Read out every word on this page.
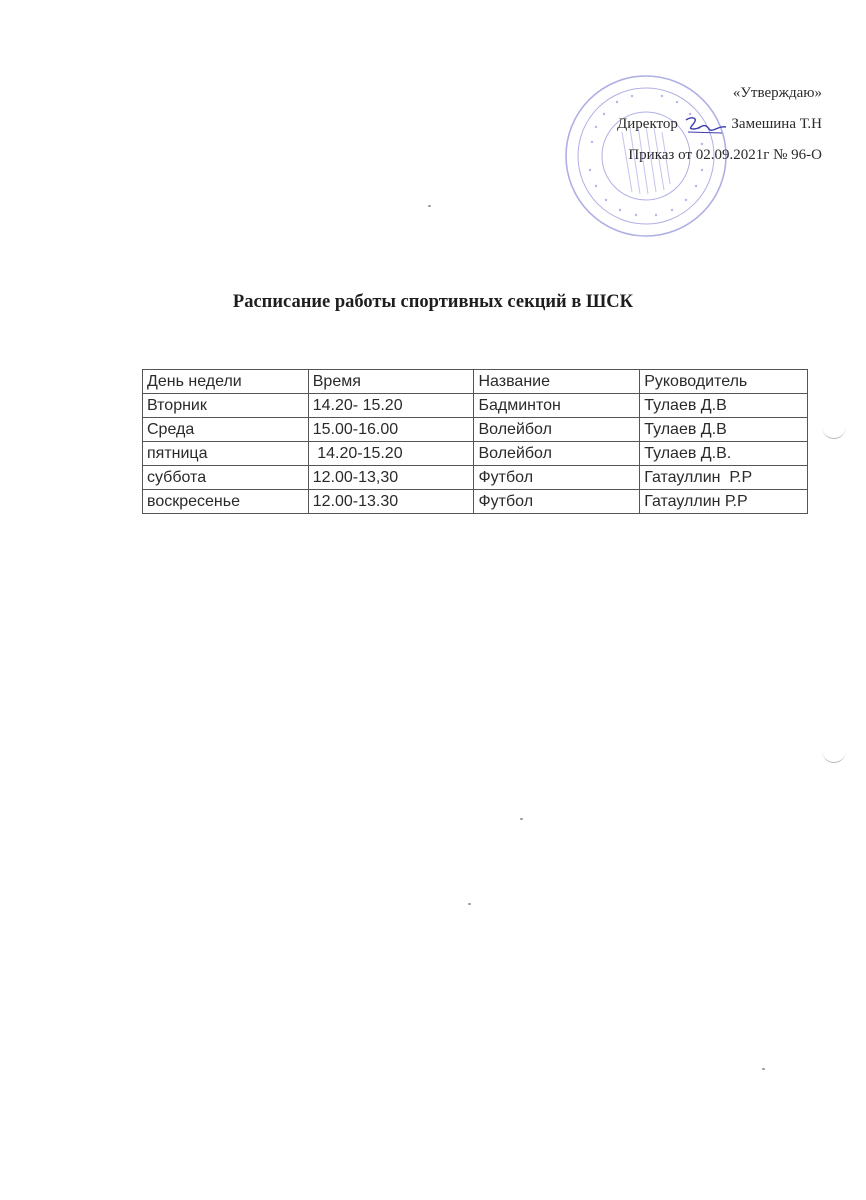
«Утверждаю»
Директор	Замешина Т.Н
Приказ от 02.09.2021г № 96-О
Расписание работы спортивных секций в ШСК
День недели	Время	Название	Руководитель
Вторник	14.20- 15.20	Бадминтон	Тулаев Д.В
Среда	15.00-16.00	Волейбол	Тулаев Д.В
пятница	14.20-15.20	Волейбол	Тулаев Д.В.
суббота	12.00-13,30	Футбол	Гатауллин  Р.Р
воскресенье	12.00-13.30	Футбол	Гатауллин Р.Р
